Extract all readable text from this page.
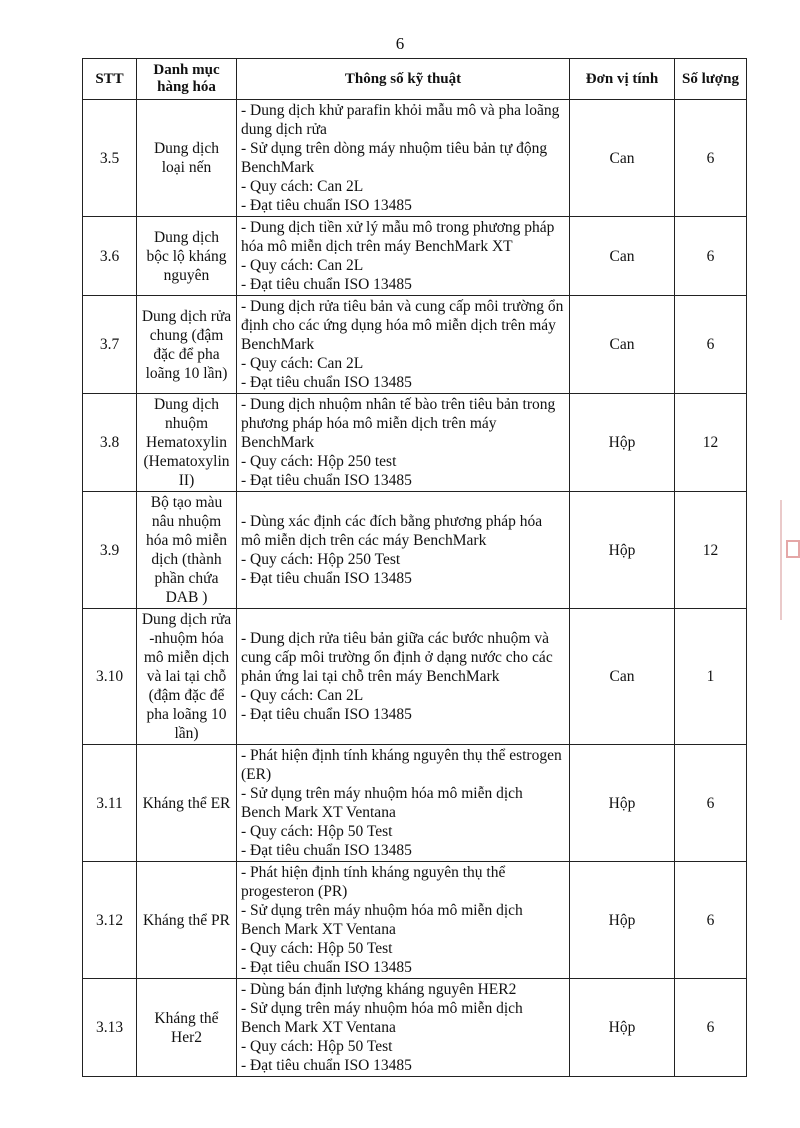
6
STT	Danh mục hàng hóa	Thông số kỹ thuật	Đơn vị tính	Số lượng
3.5	Dung dịch loại nến	- Dung dịch khử parafin khỏi mẫu mô và pha loãng dung dịch rửa
- Sử dụng trên dòng máy nhuộm tiêu bản tự động BenchMark
- Quy cách: Can 2L
- Đạt tiêu chuẩn ISO 13485	Can	6
3.6	Dung dịch bộc lộ kháng nguyên	- Dung dịch tiền xử lý mẫu mô trong phương pháp hóa mô miễn dịch trên máy BenchMark XT
- Quy cách: Can 2L
- Đạt tiêu chuẩn ISO 13485	Can	6
3.7	Dung dịch rửa chung (đậm đặc để pha loãng 10 lần)	- Dung dịch rửa tiêu bản và cung cấp môi trường ổn định cho các ứng dụng hóa mô miễn dịch trên máy BenchMark
- Quy cách: Can 2L
- Đạt tiêu chuẩn ISO 13485	Can	6
3.8	Dung dịch nhuộm Hematoxylin (Hematoxylin II)	- Dung dịch nhuộm nhân tế bào trên tiêu bản trong phương pháp hóa mô miễn dịch trên máy BenchMark
- Quy cách: Hộp 250 test
- Đạt tiêu chuẩn ISO 13485	Hộp	12
3.9	Bộ tạo màu nâu nhuộm hóa mô miễn dịch (thành phần chứa DAB )	- Dùng xác định các đích bằng phương pháp hóa mô miễn dịch trên các máy BenchMark
- Quy cách: Hộp 250 Test
- Đạt tiêu chuẩn ISO 13485	Hộp	12
3.10	Dung dịch rửa -nhuộm hóa mô miễn dịch và lai tại chỗ (đậm đặc để pha loãng 10 lần)	- Dung dịch rửa tiêu bản giữa các bước nhuộm và cung cấp môi trường ổn định ở dạng nước cho các phản ứng lai tại chỗ trên máy BenchMark
- Quy cách: Can 2L
- Đạt tiêu chuẩn ISO 13485	Can	1
3.11	Kháng thể ER	- Phát hiện định tính kháng nguyên thụ thể estrogen (ER)
- Sử dụng trên máy nhuộm hóa mô miễn dịch Bench Mark XT Ventana
- Quy cách: Hộp 50 Test
- Đạt tiêu chuẩn ISO 13485	Hộp	6
3.12	Kháng thể PR	- Phát hiện định tính kháng nguyên thụ thể progesteron (PR)
- Sử dụng trên máy nhuộm hóa mô miễn dịch Bench Mark XT Ventana
- Quy cách: Hộp 50 Test
- Đạt tiêu chuẩn ISO 13485	Hộp	6
3.13	Kháng thể Her2	- Dùng bán định lượng kháng nguyên HER2
- Sử dụng trên máy nhuộm hóa mô miễn dịch Bench Mark XT Ventana
- Quy cách: Hộp 50 Test
- Đạt tiêu chuẩn ISO 13485	Hộp	6
